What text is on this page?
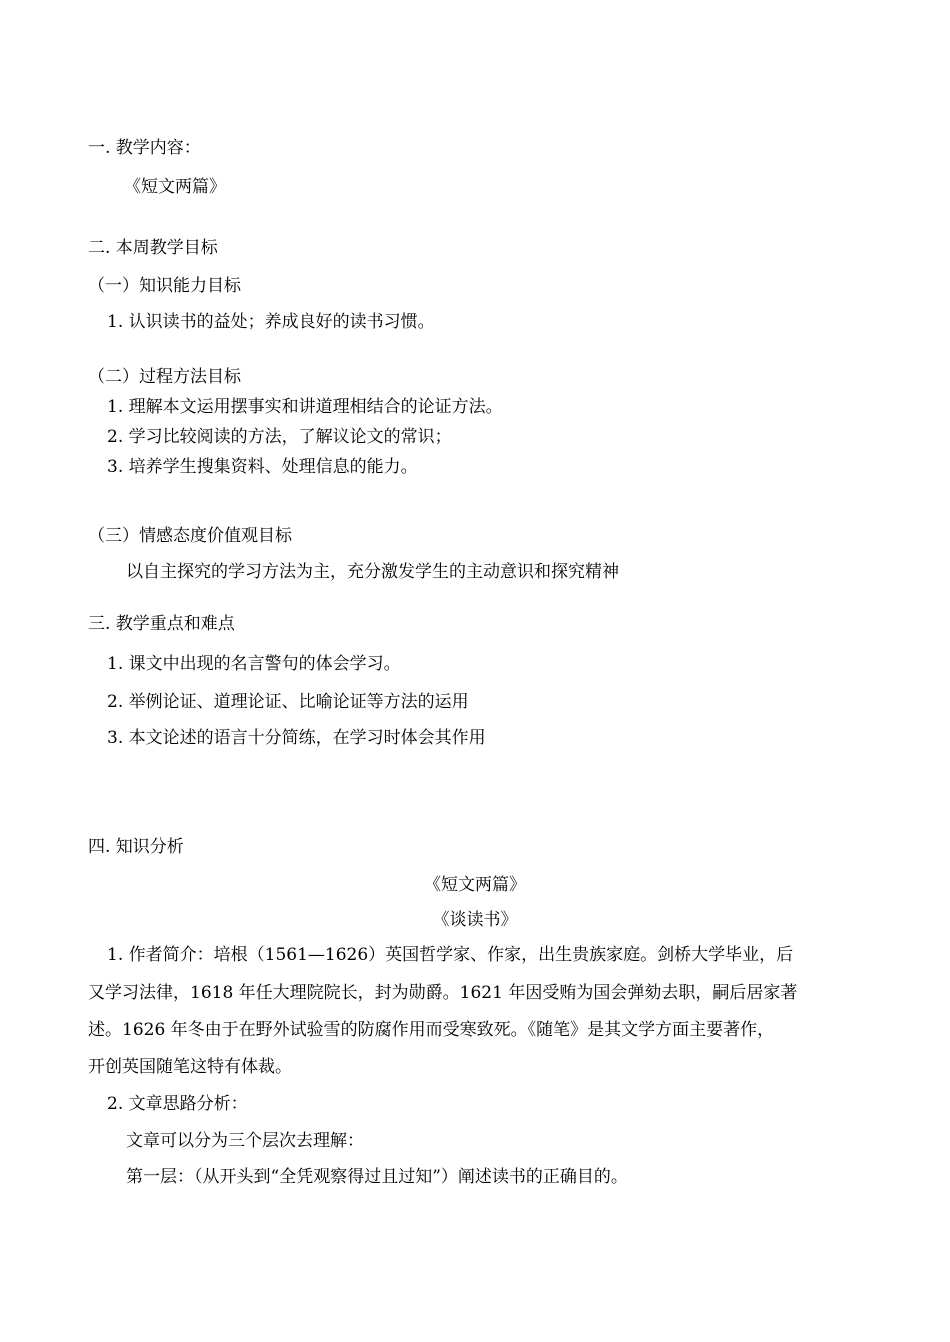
一. 教学内容：
《短文两篇》
二. 本周教学目标
（一）知识能力目标
1. 认识读书的益处；养成良好的读书习惯。
（二）过程方法目标
1. 理解本文运用摆事实和讲道理相结合的论证方法。
2. 学习比较阅读的方法，了解议论文的常识；
3. 培养学生搜集资料、处理信息的能力。
（三）情感态度价值观目标
以自主探究的学习方法为主，充分激发学生的主动意识和探究精神
三. 教学重点和难点
1. 课文中出现的名言警句的体会学习。
2. 举例论证、道理论证、比喻论证等方法的运用
3. 本文论述的语言十分简练，在学习时体会其作用
四. 知识分析
《短文两篇》
《谈读书》
1. 作者简介：培根（1561—1626）英国哲学家、作家，出生贵族家庭。剑桥大学毕业，后
又学习法律，1618 年任大理院院长，封为勋爵。1621 年因受贿为国会弹劾去职，嗣后居家著
述。1626 年冬由于在野外试验雪的防腐作用而受寒致死。《随笔》是其文学方面主要著作，
开创英国随笔这特有体裁。
2. 文章思路分析：
文章可以分为三个层次去理解：
第一层：（从开头到“全凭观察得过且过知”）阐述读书的正确目的。
